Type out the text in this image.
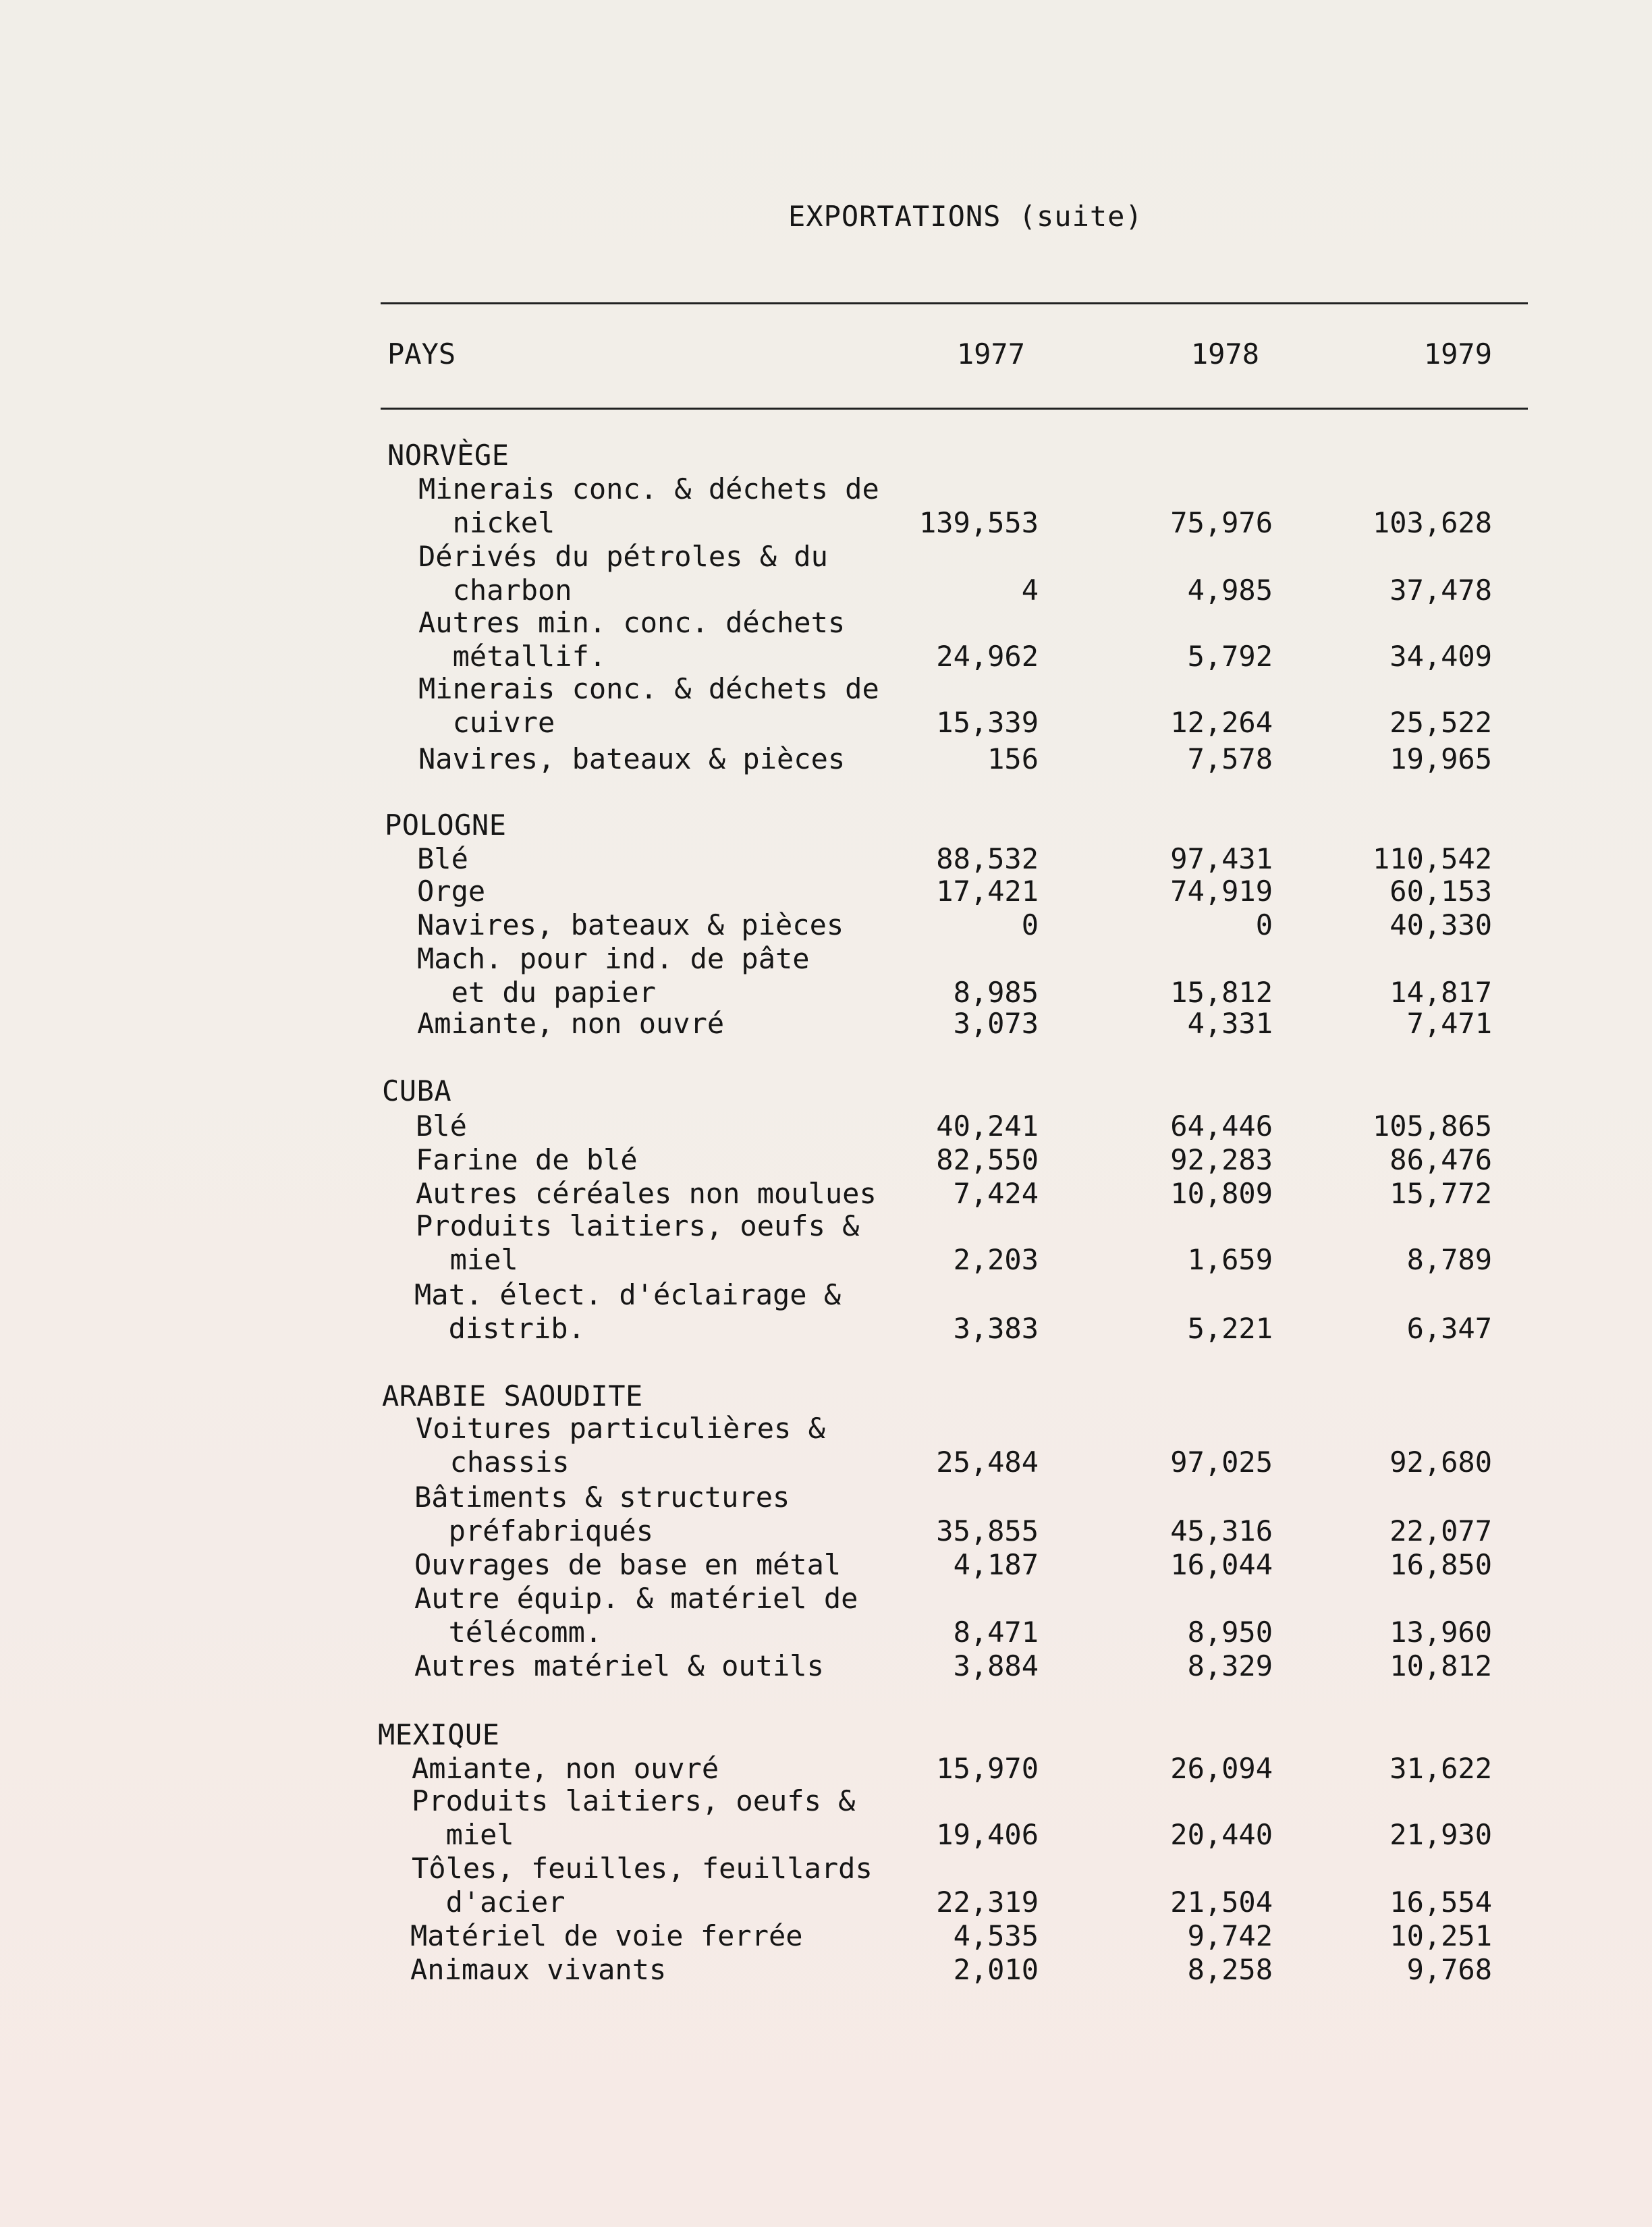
EXPORTATIONS (suite)
PAYS	1977	1978	1979
NORVÈGE
Minerais conc. & déchets de
nickel	139,553	75,976	103,628
Dérivés du pétroles & du
charbon	4	4,985	37,478
Autres min. conc. déchets
métallif.	24,962	5,792	34,409
Minerais conc. & déchets de
cuivre	15,339	12,264	25,522
Navires, bateaux & pièces	156	7,578	19,965
POLOGNE
Blé	88,532	97,431	110,542
Orge	17,421	74,919	60,153
Navires, bateaux & pièces	0	0	40,330
Mach. pour ind. de pâte
et du papier	8,985	15,812	14,817
Amiante, non ouvré	3,073	4,331	7,471
CUBA
Blé	40,241	64,446	105,865
Farine de blé	82,550	92,283	86,476
Autres céréales non moulues	7,424	10,809	15,772
Produits laitiers, oeufs &
miel	2,203	1,659	8,789
Mat. élect. d'éclairage &
distrib.	3,383	5,221	6,347
ARABIE SAOUDITE
Voitures particulières &
chassis	25,484	97,025	92,680
Bâtiments & structures
préfabriqués	35,855	45,316	22,077
Ouvrages de base en métal	4,187	16,044	16,850
Autre équip. & matériel de
télécomm.	8,471	8,950	13,960
Autres matériel & outils	3,884	8,329	10,812
MEXIQUE
Amiante, non ouvré	15,970	26,094	31,622
Produits laitiers, oeufs &
miel	19,406	20,440	21,930
Tôles, feuilles, feuillards
d'acier	22,319	21,504	16,554
Matériel de voie ferrée	4,535	9,742	10,251
Animaux vivants	2,010	8,258	9,768
